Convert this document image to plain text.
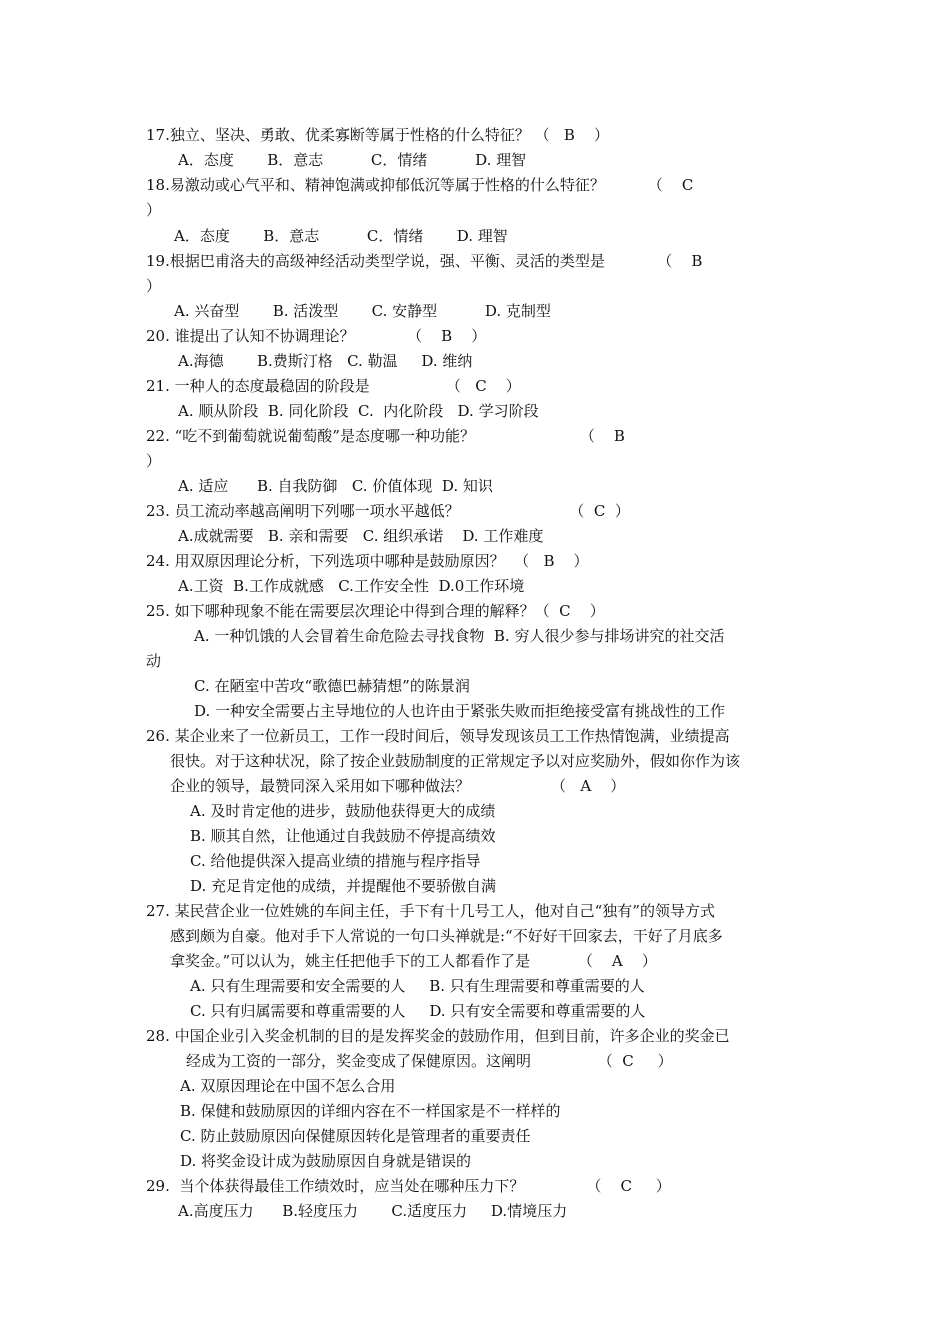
17.独立、坚决、勇敢、优柔寡断等属于性格的什么特征？ （   B    ）
A．态度       B．意志          C．情绪          D. 理智
18.易激动或心气平和、精神饱满或抑郁低沉等属于性格的什么特征？         （    C
）
A．态度       B．意志          C．情绪       D. 理智
19.根据巴甫洛夫的高级神经活动类型学说，强、平衡、灵活的类型是           （    B
）
A. 兴奋型       B. 活泼型       C. 安静型          D. 克制型
20. 谁提出了认知不协调理论？           （    B    ）
A.海德       B.费斯汀格   C. 勒温     D. 维纳
21. 一种人的态度最稳固的阶段是                （   C    ）
A. 顺从阶段  B. 同化阶段  C.  内化阶段   D. 学习阶段
22. “吃不到葡萄就说葡萄酸”是态度哪一种功能？                      （    B
）
A. 适应      B. 自我防御   C. 价值体现  D. 知识
23. 员工流动率越高阐明下列哪一项水平越低？                       （  C  ）
A.成就需要   B. 亲和需要   C. 组织承诺    D. 工作难度
24. 用双原因理论分析，下列选项中哪种是鼓励原因？  （   B    ）
A.工资  B.工作成就感   C.工作安全性  D.0工作环境
25. 如下哪种现象不能在需要层次理论中得到合理的解释？（  C    ）
A. 一种饥饿的人会冒着生命危险去寻找食物  B. 穷人很少参与排场讲究的社交活
动
C. 在陋室中苦攻“歌德巴赫猜想”的陈景润
D. 一种安全需要占主导地位的人也许由于紧张失败而拒绝接受富有挑战性的工作
26. 某企业来了一位新员工，工作一段时间后，领导发现该员工工作热情饱满，业绩提高
很快。对于这种状况，除了按企业鼓励制度的正常规定予以对应奖励外，假如你作为该
企业的领导，最赞同深入采用如下哪种做法？                 （   A    ）
A. 及时肯定他的进步，鼓励他获得更大的成绩
B. 顺其自然，让他通过自我鼓励不停提高绩效
C. 给他提供深入提高业绩的措施与程序指导
D. 充足肯定他的成绩，并提醒他不要骄傲自满
27. 某民营企业一位姓姚的车间主任，手下有十几号工人，他对自己“独有”的领导方式
感到颇为自豪。他对手下人常说的一句口头禅就是:“不好好干回家去，干好了月底多
拿奖金。”可以认为，姚主任把他手下的工人都看作了是          （    A    ）
A. 只有生理需要和安全需要的人     B. 只有生理需要和尊重需要的人
C. 只有归属需要和尊重需要的人     D. 只有安全需要和尊重需要的人
28. 中国企业引入奖金机制的目的是发挥奖金的鼓励作用，但到目前，许多企业的奖金已
经成为工资的一部分，奖金变成了保健原因。这阐明              （  C     ）
A. 双原因理论在中国不怎么合用
B. 保健和鼓励原因的详细内容在不一样国家是不一样样的
C. 防止鼓励原因向保健原因转化是管理者的重要责任
D. 将奖金设计成为鼓励原因自身就是错误的
29.  当个体获得最佳工作绩效时，应当处在哪种压力下？             （    C     ）
A.高度压力      B.轻度压力       C.适度压力     D.情境压力
